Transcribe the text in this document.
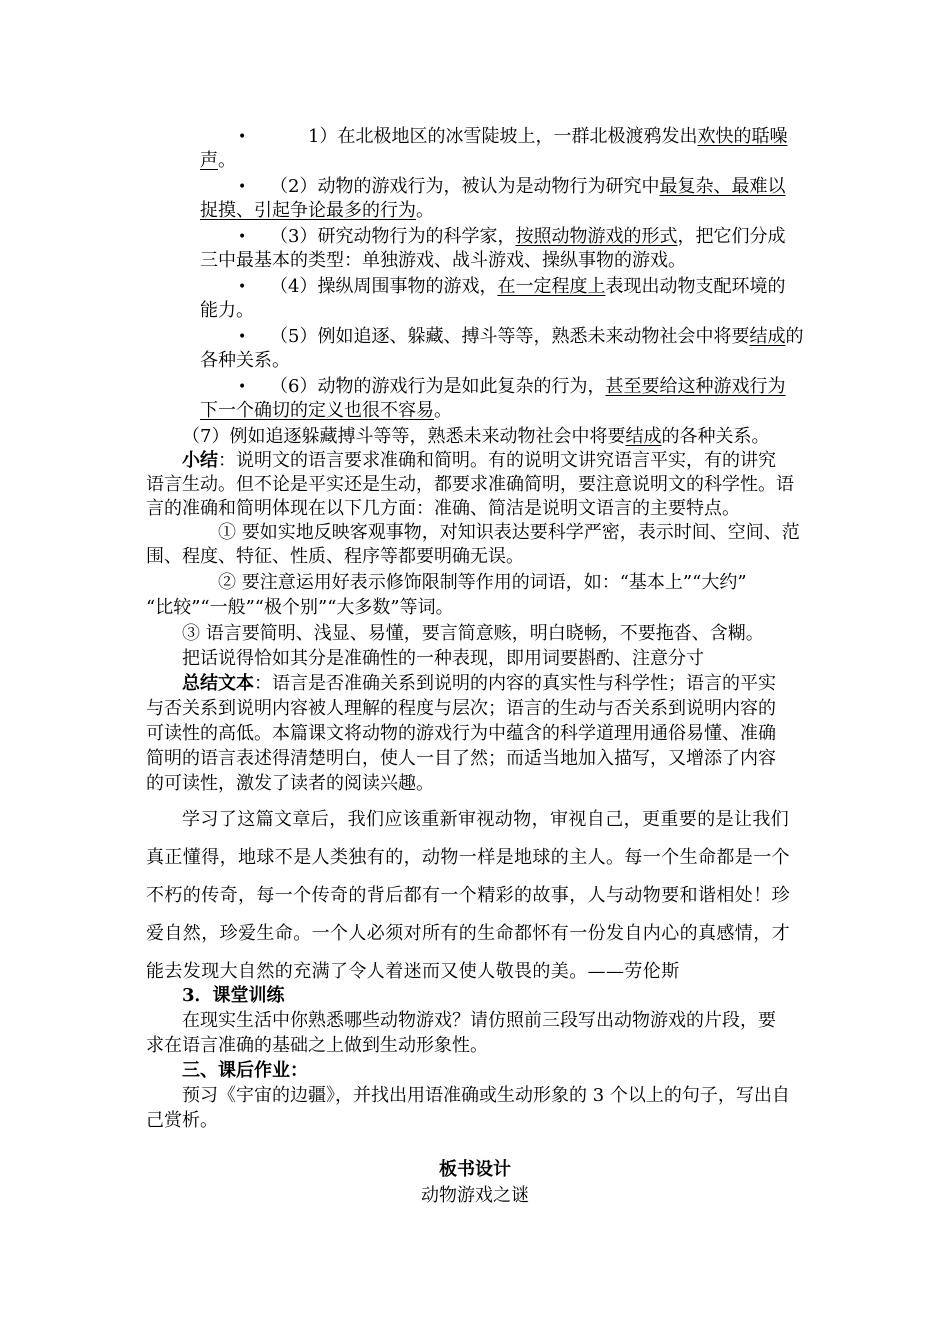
•	1）在北极地区的冰雪陡坡上，一群北极渡鸦发出欢快的聒噪
声。
• （2）动物的游戏行为，被认为是动物行为研究中最复杂、最难以
捉摸、引起争论最多的行为。
• （3）研究动物行为的科学家，按照动物游戏的形式，把它们分成
三中最基本的类型：单独游戏、战斗游戏、操纵事物的游戏。
• （4）操纵周围事物的游戏，在一定程度上表现出动物支配环境的
能力。
• （5）例如追逐、躲藏、搏斗等等，熟悉未来动物社会中将要结成的
各种关系。
• （6）动物的游戏行为是如此复杂的行为，甚至要给这种游戏行为
下一个确切的定义也很不容易。
（7）例如追逐躲藏搏斗等等，熟悉未来动物社会中将要结成的各种关系。
小结：说明文的语言要求准确和简明。有的说明文讲究语言平实，有的讲究
语言生动。但不论是平实还是生动，都要求准确简明，要注意说明文的科学性。语
言的准确和简明体现在以下几方面：准确、简洁是说明文语言的主要特点。
① 要如实地反映客观事物，对知识表达要科学严密，表示时间、空间、范
围、程度、特征、性质、程序等都要明确无误。
② 要注意运用好表示修饰限制等作用的词语，如：“基本上”“大约”
“比较”“一般”“极个别”“大多数”等词。
③ 语言要简明、浅显、易懂，要言简意赅，明白晓畅，不要拖沓、含糊。
把话说得恰如其分是准确性的一种表现，即用词要斟酌、注意分寸
总结文本：语言是否准确关系到说明的内容的真实性与科学性；语言的平实
与否关系到说明内容被人理解的程度与层次；语言的生动与否关系到说明内容的
可读性的高低。本篇课文将动物的游戏行为中蕴含的科学道理用通俗易懂、准确
简明的语言表述得清楚明白，使人一目了然；而适当地加入描写，又增添了内容
的可读性，激发了读者的阅读兴趣。
学习了这篇文章后，我们应该重新审视动物，审视自己，更重要的是让我们
真正懂得，地球不是人类独有的，动物一样是地球的主人。每一个生命都是一个
不朽的传奇，每一个传奇的背后都有一个精彩的故事，人与动物要和谐相处！珍
爱自然，珍爱生命。一个人必须对所有的生命都怀有一份发自内心的真感情，才
能去发现大自然的充满了令人着迷而又使人敬畏的美。——劳伦斯
3．课堂训练
在现实生活中你熟悉哪些动物游戏？请仿照前三段写出动物游戏的片段，要
求在语言准确的基础之上做到生动形象性。
三、课后作业：
预习《宇宙的边疆》，并找出用语准确或生动形象的 3 个以上的句子，写出自
己赏析。
板书设计
动物游戏之谜
